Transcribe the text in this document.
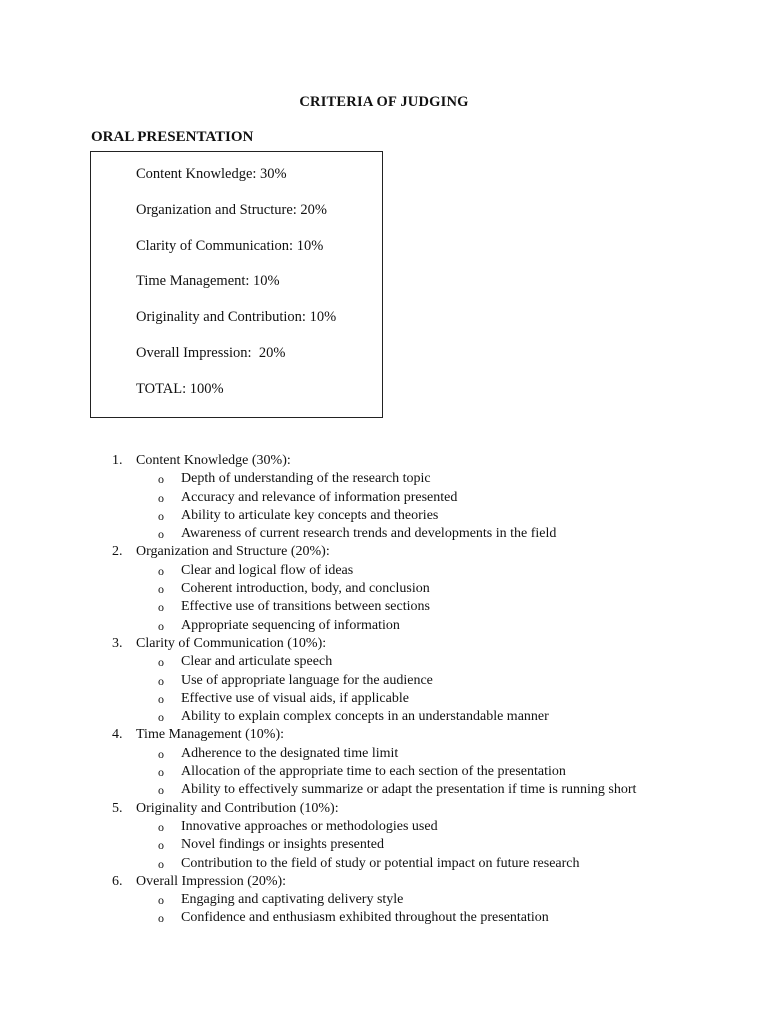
CRITERIA OF JUDGING
ORAL PRESENTATION
Content Knowledge: 30%
Organization and Structure: 20%
Clarity of Communication: 10%
Time Management: 10%
Originality and Contribution: 10%
Overall Impression:  20%
TOTAL: 100%
1. Content Knowledge (30%):
o Depth of understanding of the research topic
o Accuracy and relevance of information presented
o Ability to articulate key concepts and theories
o Awareness of current research trends and developments in the field
2. Organization and Structure (20%):
o Clear and logical flow of ideas
o Coherent introduction, body, and conclusion
o Effective use of transitions between sections
o Appropriate sequencing of information
3. Clarity of Communication (10%):
o Clear and articulate speech
o Use of appropriate language for the audience
o Effective use of visual aids, if applicable
o Ability to explain complex concepts in an understandable manner
4. Time Management (10%):
o Adherence to the designated time limit
o Allocation of the appropriate time to each section of the presentation
o Ability to effectively summarize or adapt the presentation if time is running short
5. Originality and Contribution (10%):
o Innovative approaches or methodologies used
o Novel findings or insights presented
o Contribution to the field of study or potential impact on future research
6. Overall Impression (20%):
o Engaging and captivating delivery style
o Confidence and enthusiasm exhibited throughout the presentation
